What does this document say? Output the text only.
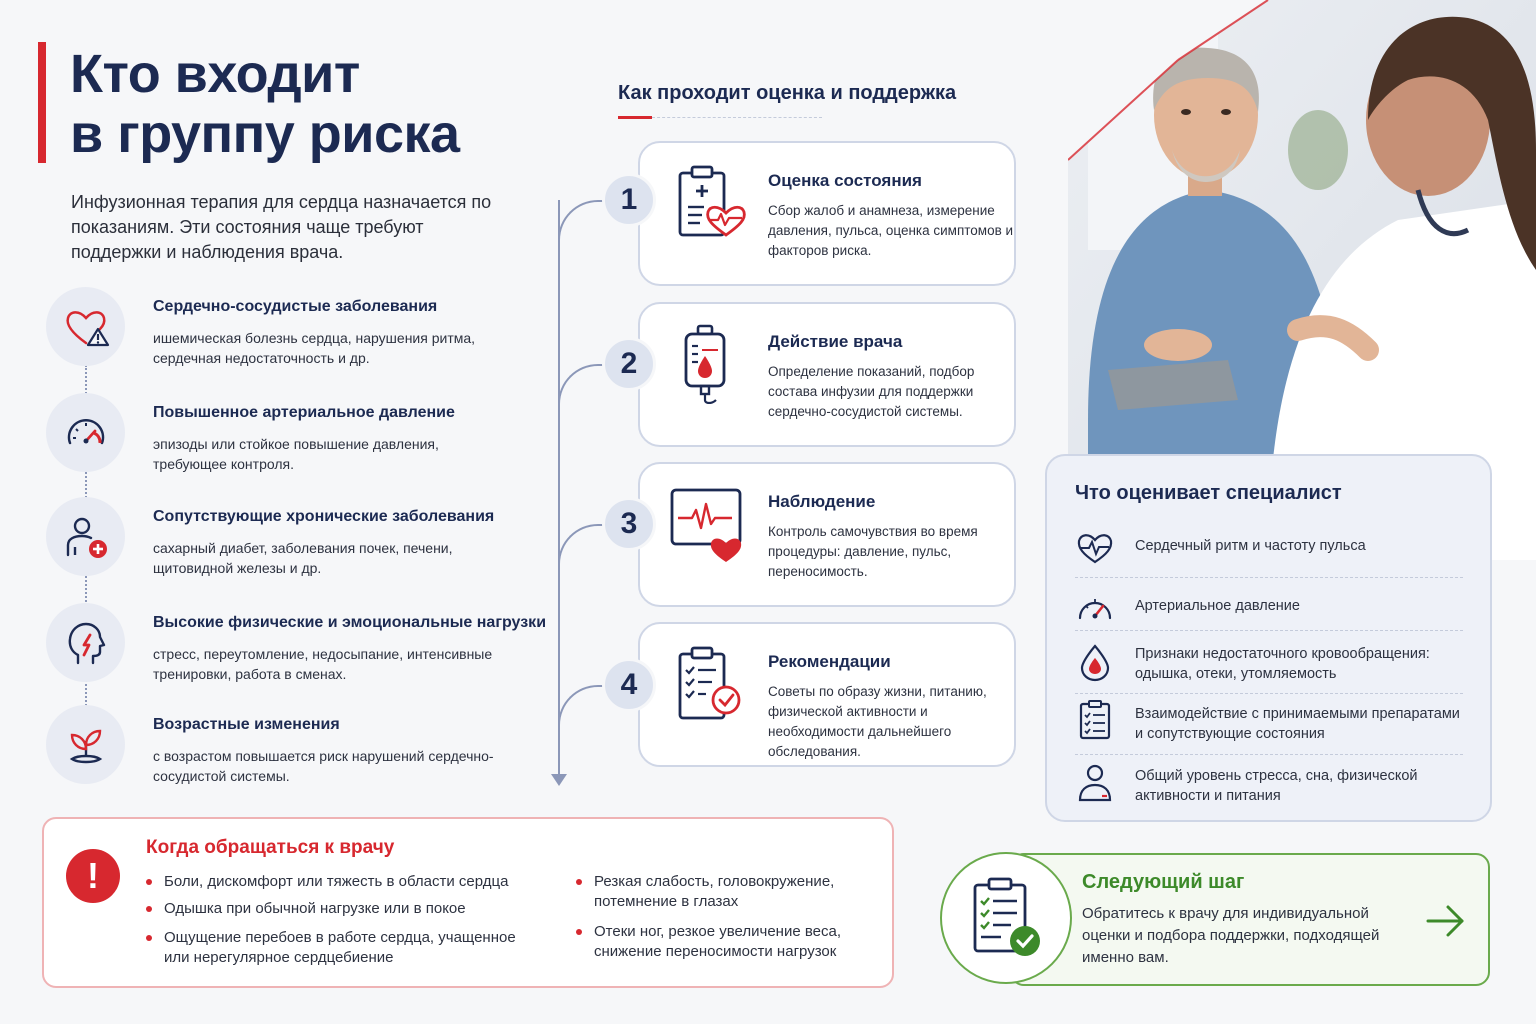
Кто входит
в группу риска
Инфузионная терапия для сердца назначается по показаниям. Эти состояния чаще требуют поддержки и наблюдения врача.
Сердечно-сосудистые заболевания
ишемическая болезнь сердца, нарушения ритма, сердечная недостаточность и др.
Повышенное артериальное давление
эпизоды или стойкое повышение давления, требующее контроля.
Сопутствующие хронические заболевания
сахарный диабет, заболевания почек, печени, щитовидной железы и др.
Высокие физические и эмоциональные нагрузки
стресс, переутомление, недосыпание, интенсивные тренировки, работа в сменах.
Возрастные изменения
с возрастом повышается риск нарушений сердечно-сосудистой системы.
Как проходит оценка и поддержка
Оценка состояния
Сбор жалоб и анамнеза, измерение давления, пульса, оценка симптомов и факторов риска.
1
Действие врача
Определение показаний, подбор состава инфузии для поддержки сердечно-сосудистой системы.
2
Наблюдение
Контроль самочувствия во время процедуры: давление, пульс, переносимость.
3
Рекомендации
Советы по образу жизни, питанию, физической активности и необходимости дальнейшего обследования.
4
Что оценивает специалист
Сердечный ритм и частоту пульса
Артериальное давление
Признаки недостаточного кровообращения: одышка, отеки, утомляемость
Взаимодействие с принимаемыми препаратами и сопутствующие состояния
Общий уровень стресса, сна, физической активности и питания
!
Когда обращаться к врачу
Боли, дискомфорт или тяжесть в области сердца
Одышка при обычной нагрузке или в покое
Ощущение перебоев в работе сердца, учащенное или нерегулярное сердцебиение
Резкая слабость, головокружение, потемнение в глазах
Отеки ног, резкое увеличение веса, снижение переносимости нагрузок
Следующий шаг
Обратитесь к врачу для индивидуальной оценки и подбора поддержки, подходящей именно вам.
